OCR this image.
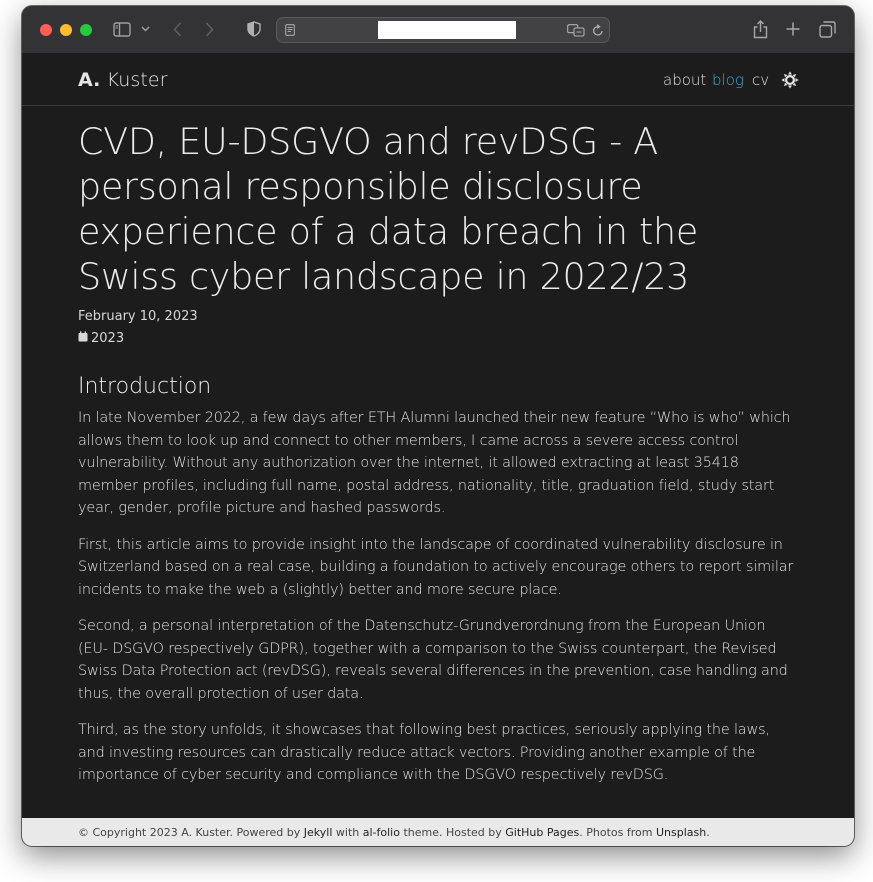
A. Kuster	about blog cv
CVD, EU-DSGVO and revDSG - A personal responsible disclosure experience of a data breach in the Swiss cyber landscape in 2022/23
February 10, 2023
2023
Introduction

In late November 2022, a few days after ETH Alumni launched their new feature “Who is who” which allows them to look up and connect to other members, I came across a severe access control vulnerability. Without any authorization over the internet, it allowed extracting at least 35418 member profiles, including full name, postal address, nationality, title, graduation field, study start year, gender, profile picture and hashed passwords.

First, this article aims to provide insight into the landscape of coordinated vulnerability disclosure in Switzerland based on a real case, building a foundation to actively encourage others to report similar incidents to make the web a (slightly) better and more secure place.

Second, a personal interpretation of the Datenschutz-Grundverordnung from the European Union (EU- DSGVO respectively GDPR), together with a comparison to the Swiss counterpart, the Revised Swiss Data Protection act (revDSG), reveals several differences in the prevention, case handling and thus, the overall protection of user data.

Third, as the story unfolds, it showcases that following best practices, seriously applying the laws, and investing resources can drastically reduce attack vectors. Providing another example of the importance of cyber security and compliance with the DSGVO respectively revDSG.

© Copyright 2023 A. Kuster. Powered by Jekyll with al-folio theme. Hosted by GitHub Pages. Photos from Unsplash.
